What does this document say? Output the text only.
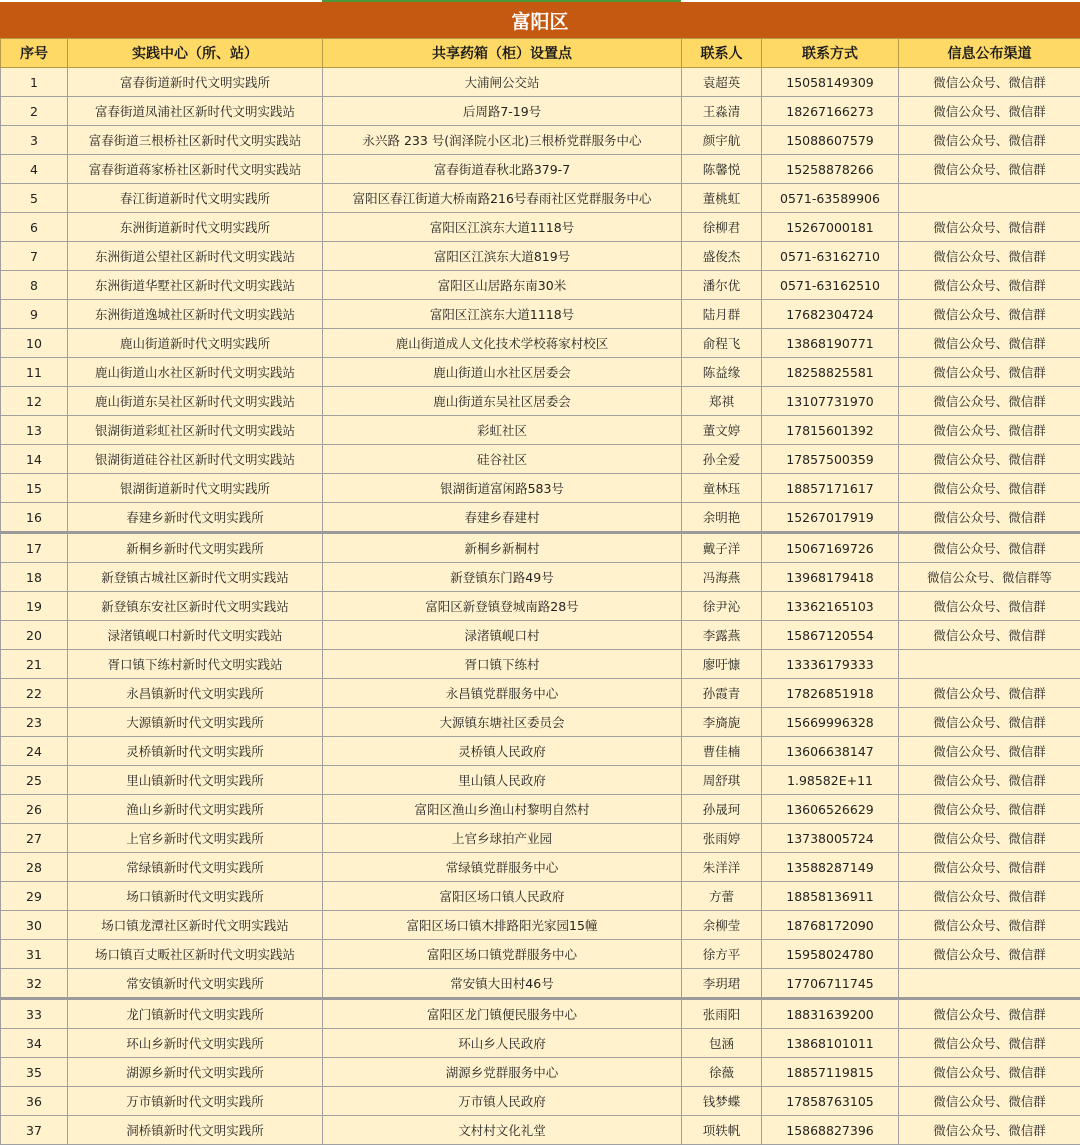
富阳区
序号	实践中心（所、站）	共享药箱（柜）设置点	联系人	联系方式	信息公布渠道
1	富春街道新时代文明实践所	大浦闸公交站	袁超英	15058149309	微信公众号、微信群
2	富春街道凤浦社区新时代文明实践站	后周路7-19号	王淼清	18267166273	微信公众号、微信群
3	富春街道三根桥社区新时代文明实践站	永兴路 233 号(润泽院小区北)三根桥党群服务中心	颜宇航	15088607579	微信公众号、微信群
4	富春街道蒋家桥社区新时代文明实践站	富春街道春秋北路379-7	陈馨悦	15258878266	微信公众号、微信群
5	春江街道新时代文明实践所	富阳区春江街道大桥南路216号春雨社区党群服务中心	董桃虹	0571-63589906	
6	东洲街道新时代文明实践所	富阳区江滨东大道1118号	徐柳君	15267000181	微信公众号、微信群
7	东洲街道公望社区新时代文明实践站	富阳区江滨东大道819号	盛俊杰	0571-63162710	微信公众号、微信群
8	东洲街道华墅社区新时代文明实践站	富阳区山居路东南30米	潘尔优	0571-63162510	微信公众号、微信群
9	东洲街道逸城社区新时代文明实践站	富阳区江滨东大道1118号	陆月群	17682304724	微信公众号、微信群
10	鹿山街道新时代文明实践所	鹿山街道成人文化技术学校蒋家村校区	俞程飞	13868190771	微信公众号、微信群
11	鹿山街道山水社区新时代文明实践站	鹿山街道山水社区居委会	陈益缘	18258825581	微信公众号、微信群
12	鹿山街道东吴社区新时代文明实践站	鹿山街道东吴社区居委会	郑祺	13107731970	微信公众号、微信群
13	银湖街道彩虹社区新时代文明实践站	彩虹社区	董文婷	17815601392	微信公众号、微信群
14	银湖街道硅谷社区新时代文明实践站	硅谷社区	孙全爱	17857500359	微信公众号、微信群
15	银湖街道新时代文明实践所	银湖街道富闲路583号	童林珏	18857171617	微信公众号、微信群
16	春建乡新时代文明实践所	春建乡春建村	余明艳	15267017919	微信公众号、微信群
17	新桐乡新时代文明实践所	新桐乡新桐村	戴子洋	15067169726	微信公众号、微信群
18	新登镇古城社区新时代文明实践站	新登镇东门路49号	冯海燕	13968179418	微信公众号、微信群等
19	新登镇东安社区新时代文明实践站	富阳区新登镇登城南路28号	徐尹沁	13362165103	微信公众号、微信群
20	渌渚镇岘口村新时代文明实践站	渌渚镇岘口村	李露燕	15867120554	微信公众号、微信群
21	胥口镇下练村新时代文明实践站	胥口镇下练村	廖吁慷	13336179333	
22	永昌镇新时代文明实践所	永昌镇党群服务中心	孙霞青	17826851918	微信公众号、微信群
23	大源镇新时代文明实践所	大源镇东塘社区委员会	李旖旎	15669996328	微信公众号、微信群
24	灵桥镇新时代文明实践所	灵桥镇人民政府	曹佳楠	13606638147	微信公众号、微信群
25	里山镇新时代文明实践所	里山镇人民政府	周舒琪	1.98582E+11	微信公众号、微信群
26	渔山乡新时代文明实践所	富阳区渔山乡渔山村黎明自然村	孙晟珂	13606526629	微信公众号、微信群
27	上官乡新时代文明实践所	上官乡球拍产业园	张雨婷	13738005724	微信公众号、微信群
28	常绿镇新时代文明实践所	常绿镇党群服务中心	朱洋洋	13588287149	微信公众号、微信群
29	场口镇新时代文明实践所	富阳区场口镇人民政府	方蕾	18858136911	微信公众号、微信群
30	场口镇龙潭社区新时代文明实践站	富阳区场口镇木排路阳光家园15幢	余柳莹	18768172090	微信公众号、微信群
31	场口镇百丈畈社区新时代文明实践站	富阳区场口镇党群服务中心	徐方平	15958024780	微信公众号、微信群
32	常安镇新时代文明实践所	常安镇大田村46号	李玥珺	17706711745	
33	龙门镇新时代文明实践所	富阳区龙门镇便民服务中心	张雨阳	18831639200	微信公众号、微信群
34	环山乡新时代文明实践所	环山乡人民政府	包涵	13868101011	微信公众号、微信群
35	湖源乡新时代文明实践所	湖源乡党群服务中心	徐薇	18857119815	微信公众号、微信群
36	万市镇新时代文明实践所	万市镇人民政府	钱梦蝶	17858763105	微信公众号、微信群
37	洞桥镇新时代文明实践所	文村村文化礼堂	项轶帆	15868827396	微信公众号、微信群
